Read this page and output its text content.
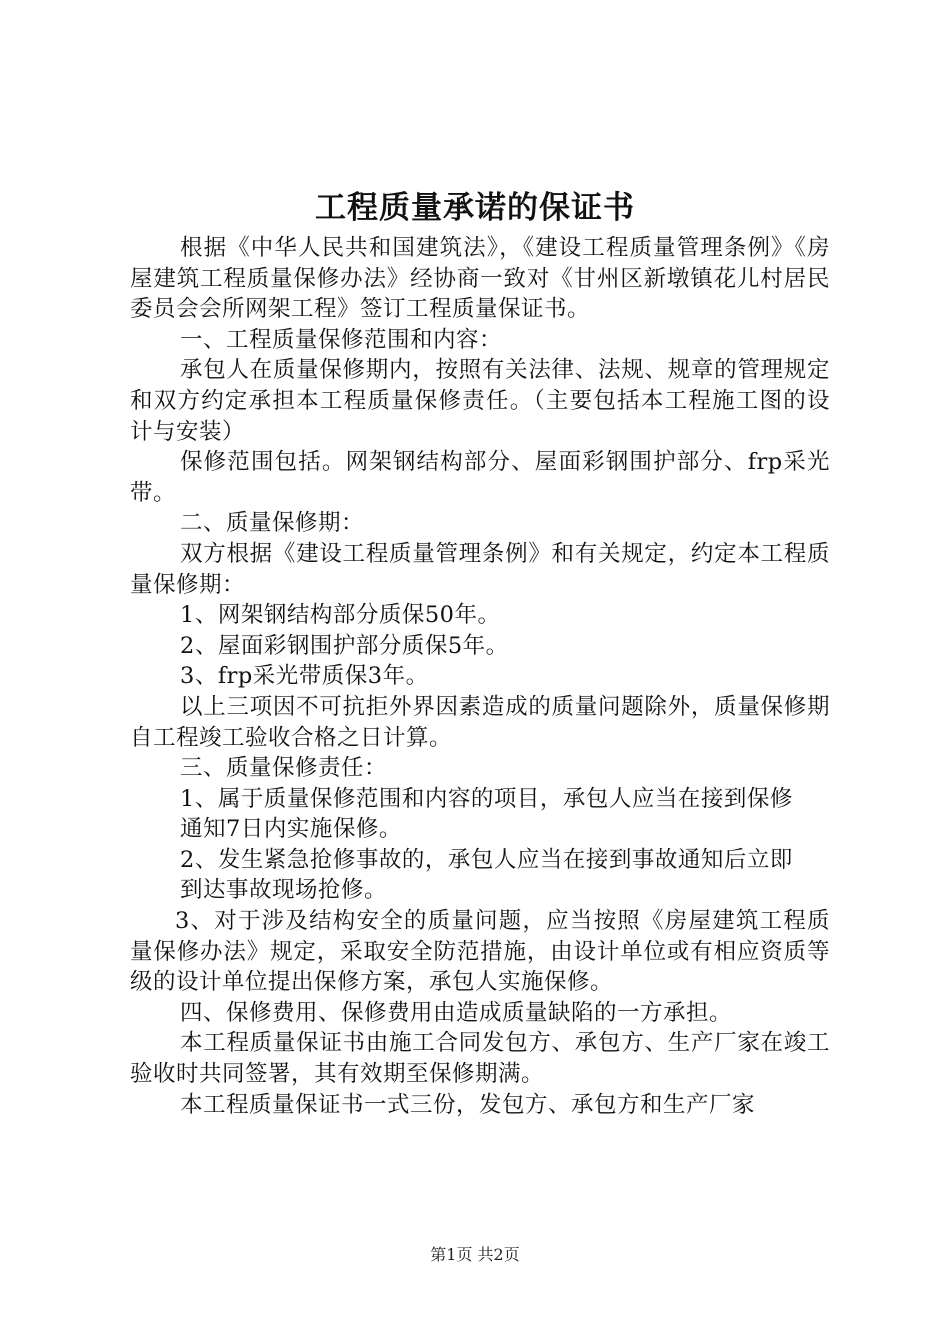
工程质量承诺的保证书

根据《中华人民共和国建筑法》，《建设工程质量管理条例》《房屋建筑工程质量保修办法》经协商一致对《甘州区新墩镇花儿村居民委员会会所网架工程》签订工程质量保证书。

一、工程质量保修范围和内容：

承包人在质量保修期内，按照有关法律、法规、规章的管理规定和双方约定承担本工程质量保修责任。（主要包括本工程施工图的设计与安装）

保修范围包括。网架钢结构部分、屋面彩钢围护部分、frp采光带。

二、质量保修期：

双方根据《建设工程质量管理条例》和有关规定，约定本工程质量保修期：

1、网架钢结构部分质保50年。

2、屋面彩钢围护部分质保5年。

3、frp采光带质保3年。

以上三项因不可抗拒外界因素造成的质量问题除外，质量保修期自工程竣工验收合格之日计算。

三、质量保修责任：

1、属于质量保修范围和内容的项目，承包人应当在接到保修

通知7日内实施保修。

2、发生紧急抢修事故的，承包人应当在接到事故通知后立即

到达事故现场抢修。

3、对于涉及结构安全的质量问题，应当按照《房屋建筑工程质量保修办法》规定，采取安全防范措施，由设计单位或有相应资质等级的设计单位提出保修方案，承包人实施保修。

四、保修费用、保修费用由造成质量缺陷的一方承担。

本工程质量保证书由施工合同发包方、承包方、生产厂家在竣工验收时共同签署，其有效期至保修期满。

本工程质量保证书一式三份，发包方、承包方和生产厂家

第1页 共2页
